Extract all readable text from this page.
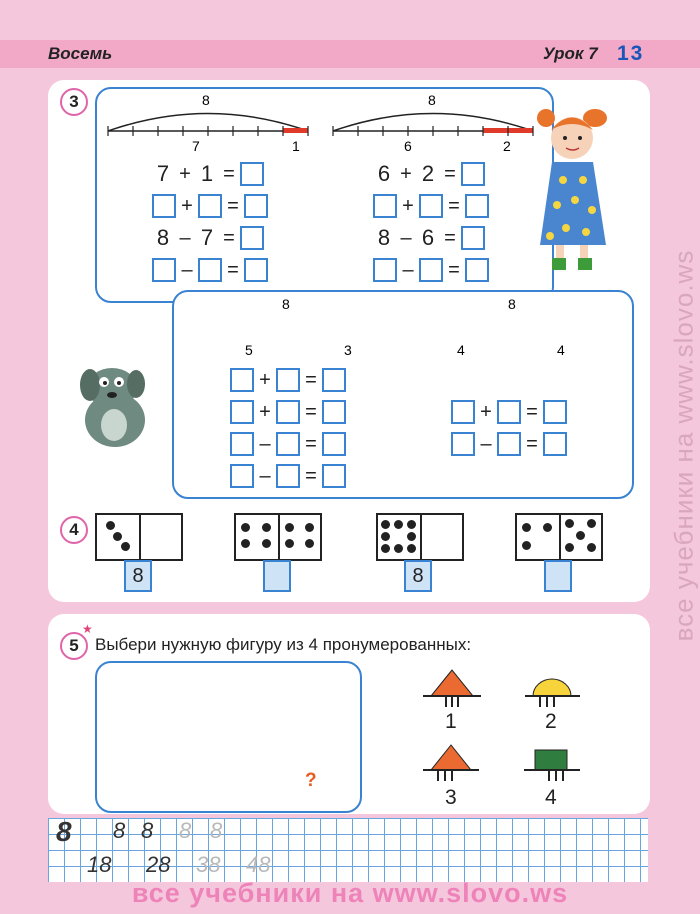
Восемь	Урок 7 13
3	8
7	1
8
6	2
7 + 1 =
+ =
8 – 7 =
– =
6 + 2 =
+ =
8 – 6 =
– =
8
5	3
8
4	4
+ =
+ =
– =
– =
+ =
– =
4
8	8
5
★
Выбери нужную фигуру из 4 пронумерованных:
?
1	2
3	4
8 8 8 8 8
18 28 38 48
все учебники на www.slovo.ws
все учебники на www.slovo.ws
